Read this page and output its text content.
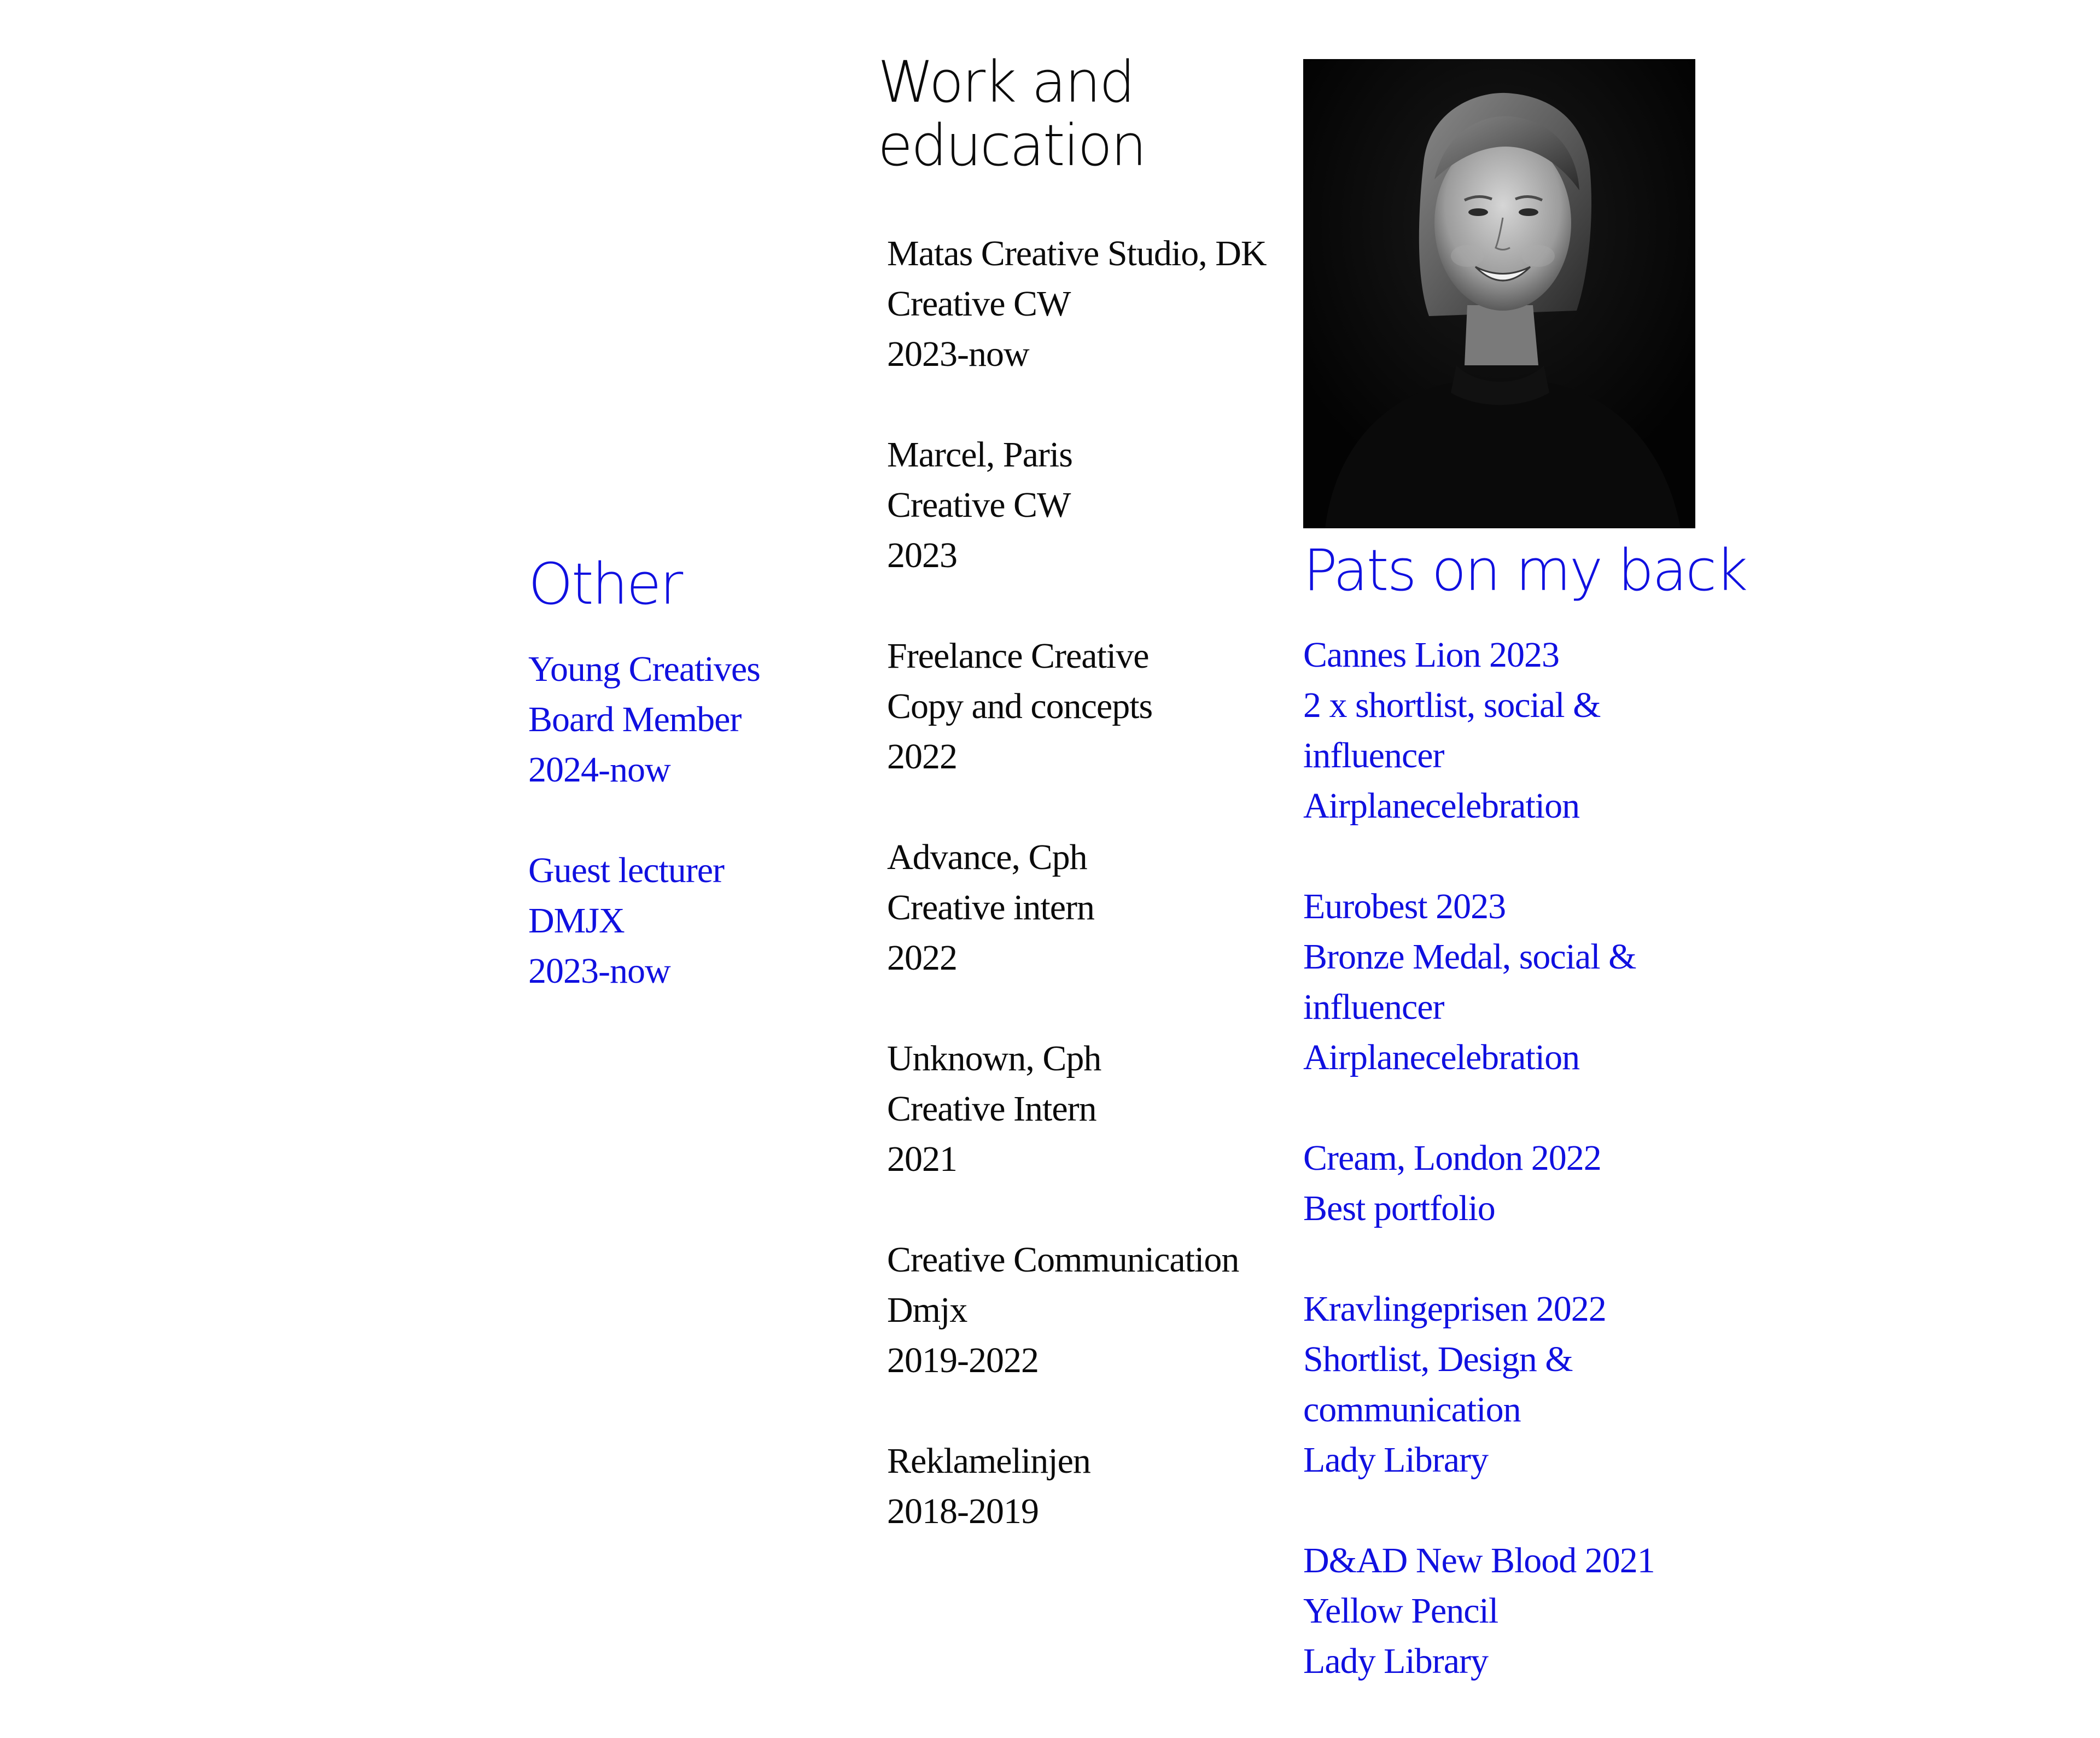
Work and
education
Matas Creative Studio, DK
Creative CW
2023-now
Marcel, Paris
Creative CW
2023
Freelance Creative
Copy and concepts
2022
Advance, Cph
Creative intern
2022
Unknown, Cph
Creative Intern
2021
Creative Communication
Dmjx
2019-2022
Reklamelinjen
2018-2019
Other
Young Creatives
Board Member
2024-now
Guest lecturer
DMJX
2023-now
Pats on my back
Cannes Lion 2023
2 x shortlist, social &
influencer
Airplanecelebration
Eurobest 2023
Bronze Medal, social &
influencer
Airplanecelebration
Cream, London 2022
Best portfolio
Kravlingeprisen 2022
Shortlist, Design &
communication
Lady Library
D&AD New Blood 2021
Yellow Pencil
Lady Library
